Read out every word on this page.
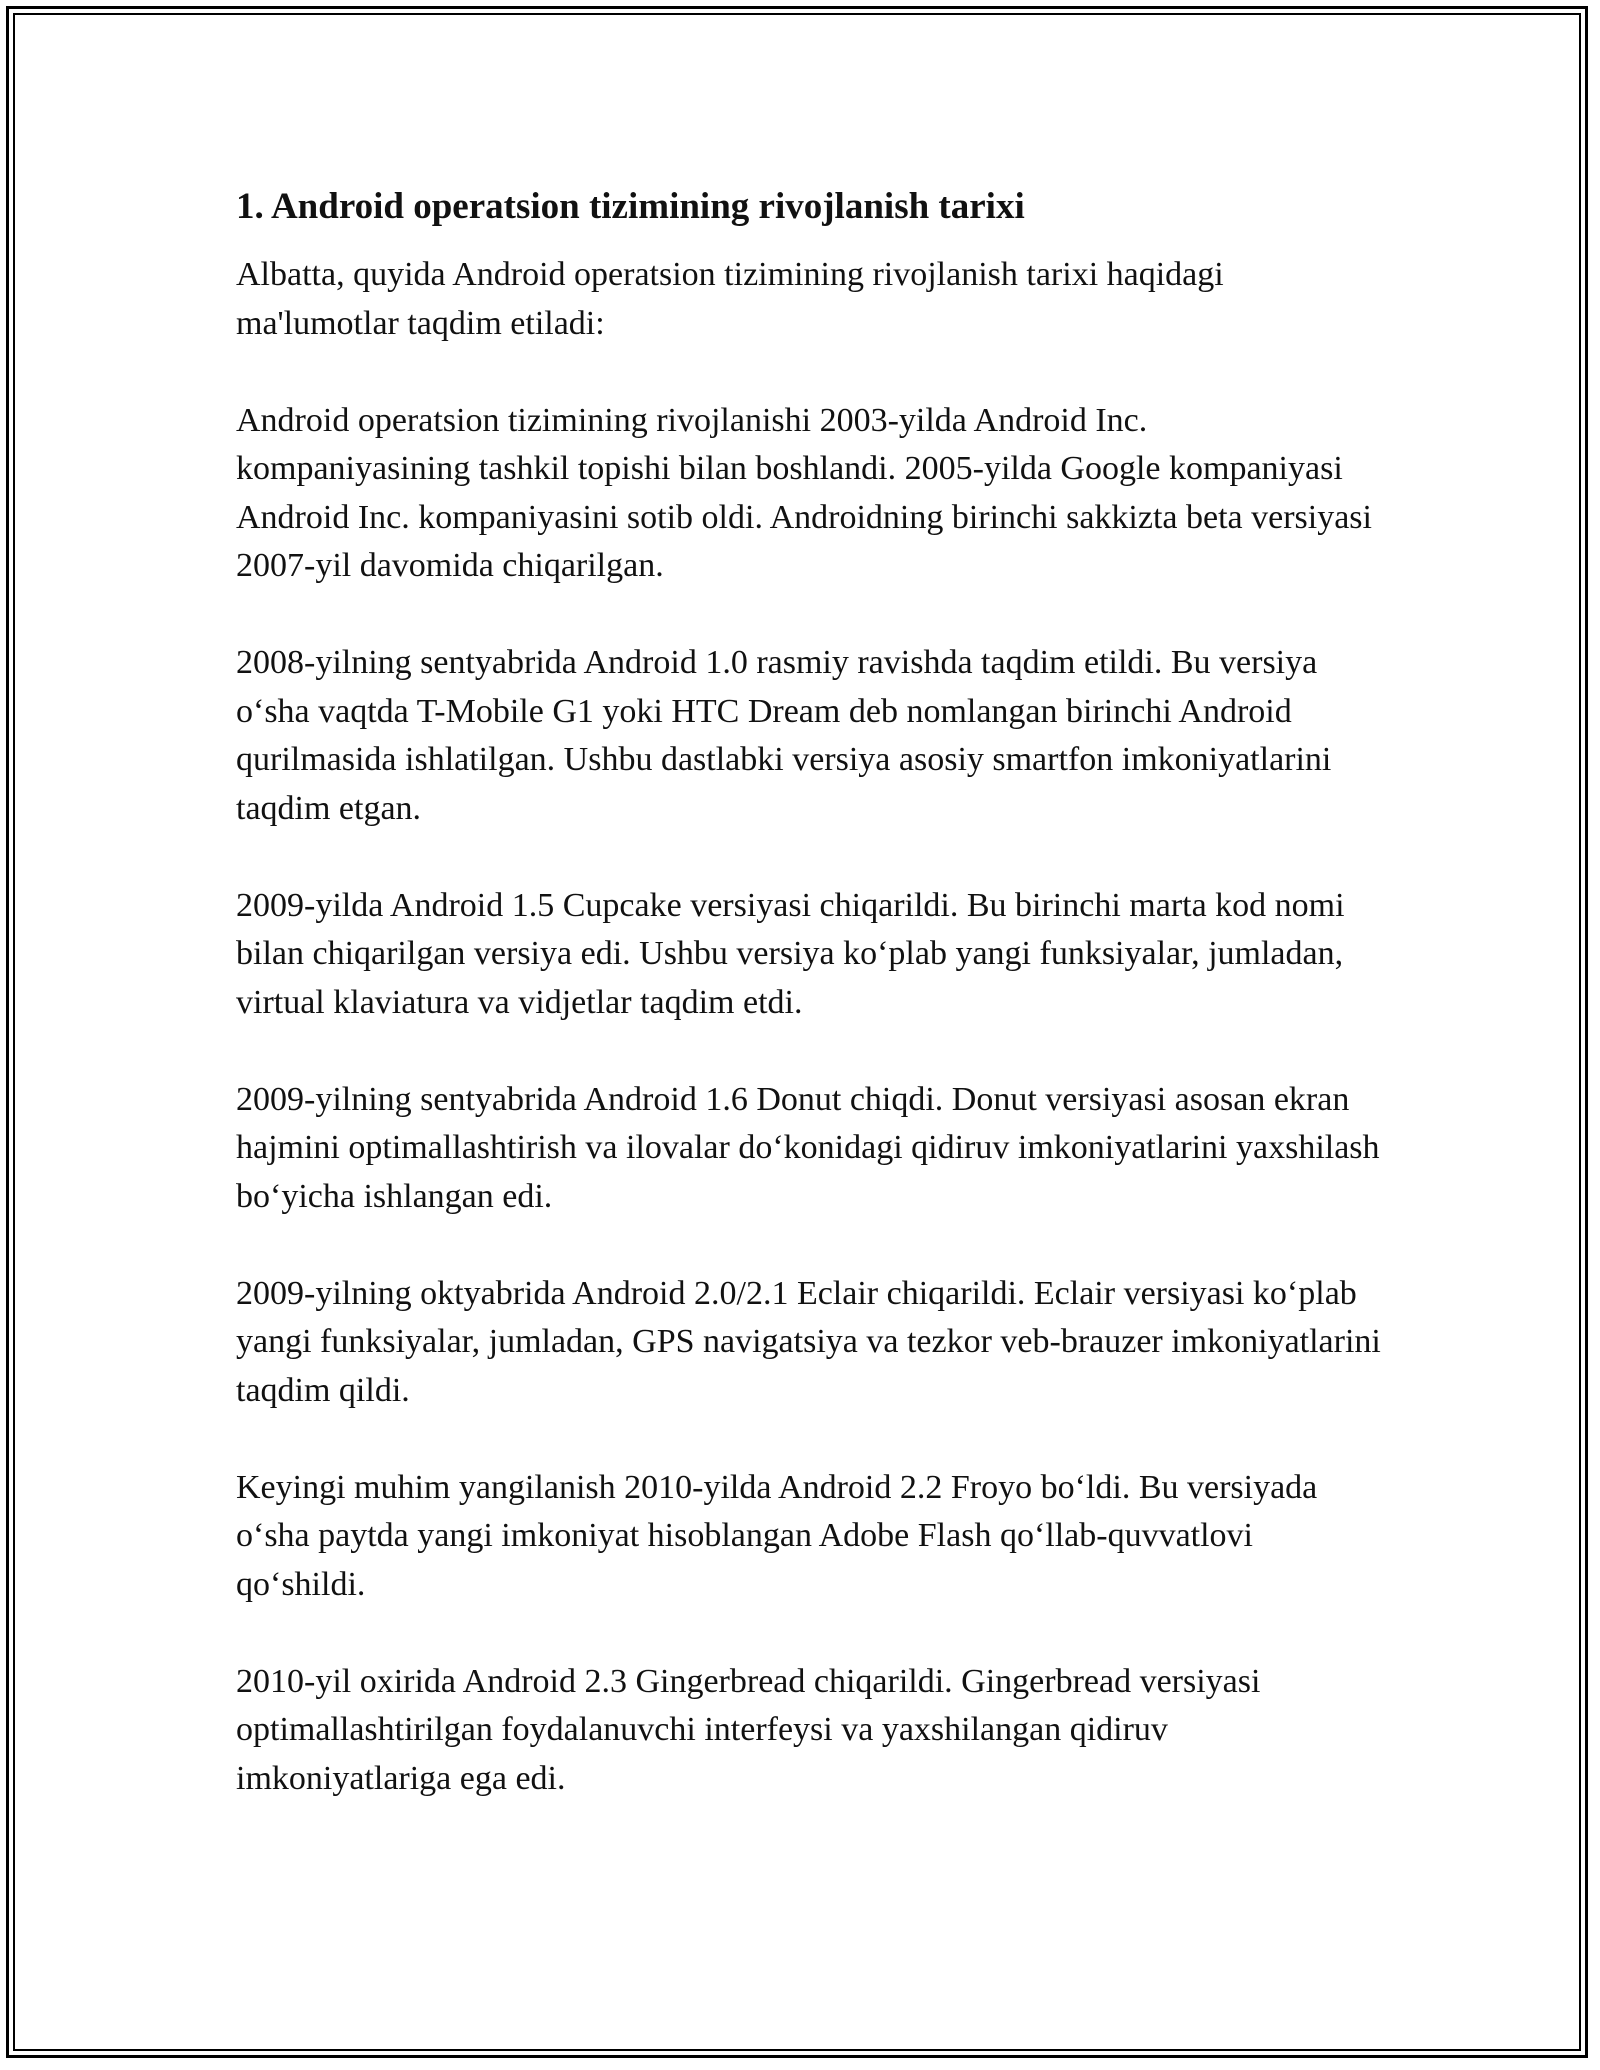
1. Android operatsion tizimining rivojlanish tarixi

Albatta, quyida Android operatsion tizimining rivojlanish tarixi haqidagi ma'lumotlar taqdim etiladi:

Android operatsion tizimining rivojlanishi 2003-yilda Android Inc. kompaniyasining tashkil topishi bilan boshlandi. 2005-yilda Google kompaniyasi Android Inc. kompaniyasini sotib oldi. Androidning birinchi sakkizta beta versiyasi 2007-yil davomida chiqarilgan.

2008-yilning sentyabrida Android 1.0 rasmiy ravishda taqdim etildi. Bu versiya o‘sha vaqtda T-Mobile G1 yoki HTC Dream deb nomlangan birinchi Android qurilmasida ishlatilgan. Ushbu dastlabki versiya asosiy smartfon imkoniyatlarini taqdim etgan.

2009-yilda Android 1.5 Cupcake versiyasi chiqarildi. Bu birinchi marta kod nomi bilan chiqarilgan versiya edi. Ushbu versiya ko‘plab yangi funksiyalar, jumladan, virtual klaviatura va vidjetlar taqdim etdi.

2009-yilning sentyabrida Android 1.6 Donut chiqdi. Donut versiyasi asosan ekran hajmini optimallashtirish va ilovalar do‘konidagi qidiruv imkoniyatlarini yaxshilash bo‘yicha ishlangan edi.

2009-yilning oktyabrida Android 2.0/2.1 Eclair chiqarildi. Eclair versiyasi ko‘plab yangi funksiyalar, jumladan, GPS navigatsiya va tezkor veb-brauzer imkoniyatlarini taqdim qildi.

Keyingi muhim yangilanish 2010-yilda Android 2.2 Froyo bo‘ldi. Bu versiyada o‘sha paytda yangi imkoniyat hisoblangan Adobe Flash qo‘llab-quvvatlovi qo‘shildi.

2010-yil oxirida Android 2.3 Gingerbread chiqarildi. Gingerbread versiyasi optimallashtirilgan foydalanuvchi interfeysi va yaxshilangan qidiruv imkoniyatlariga ega edi.
